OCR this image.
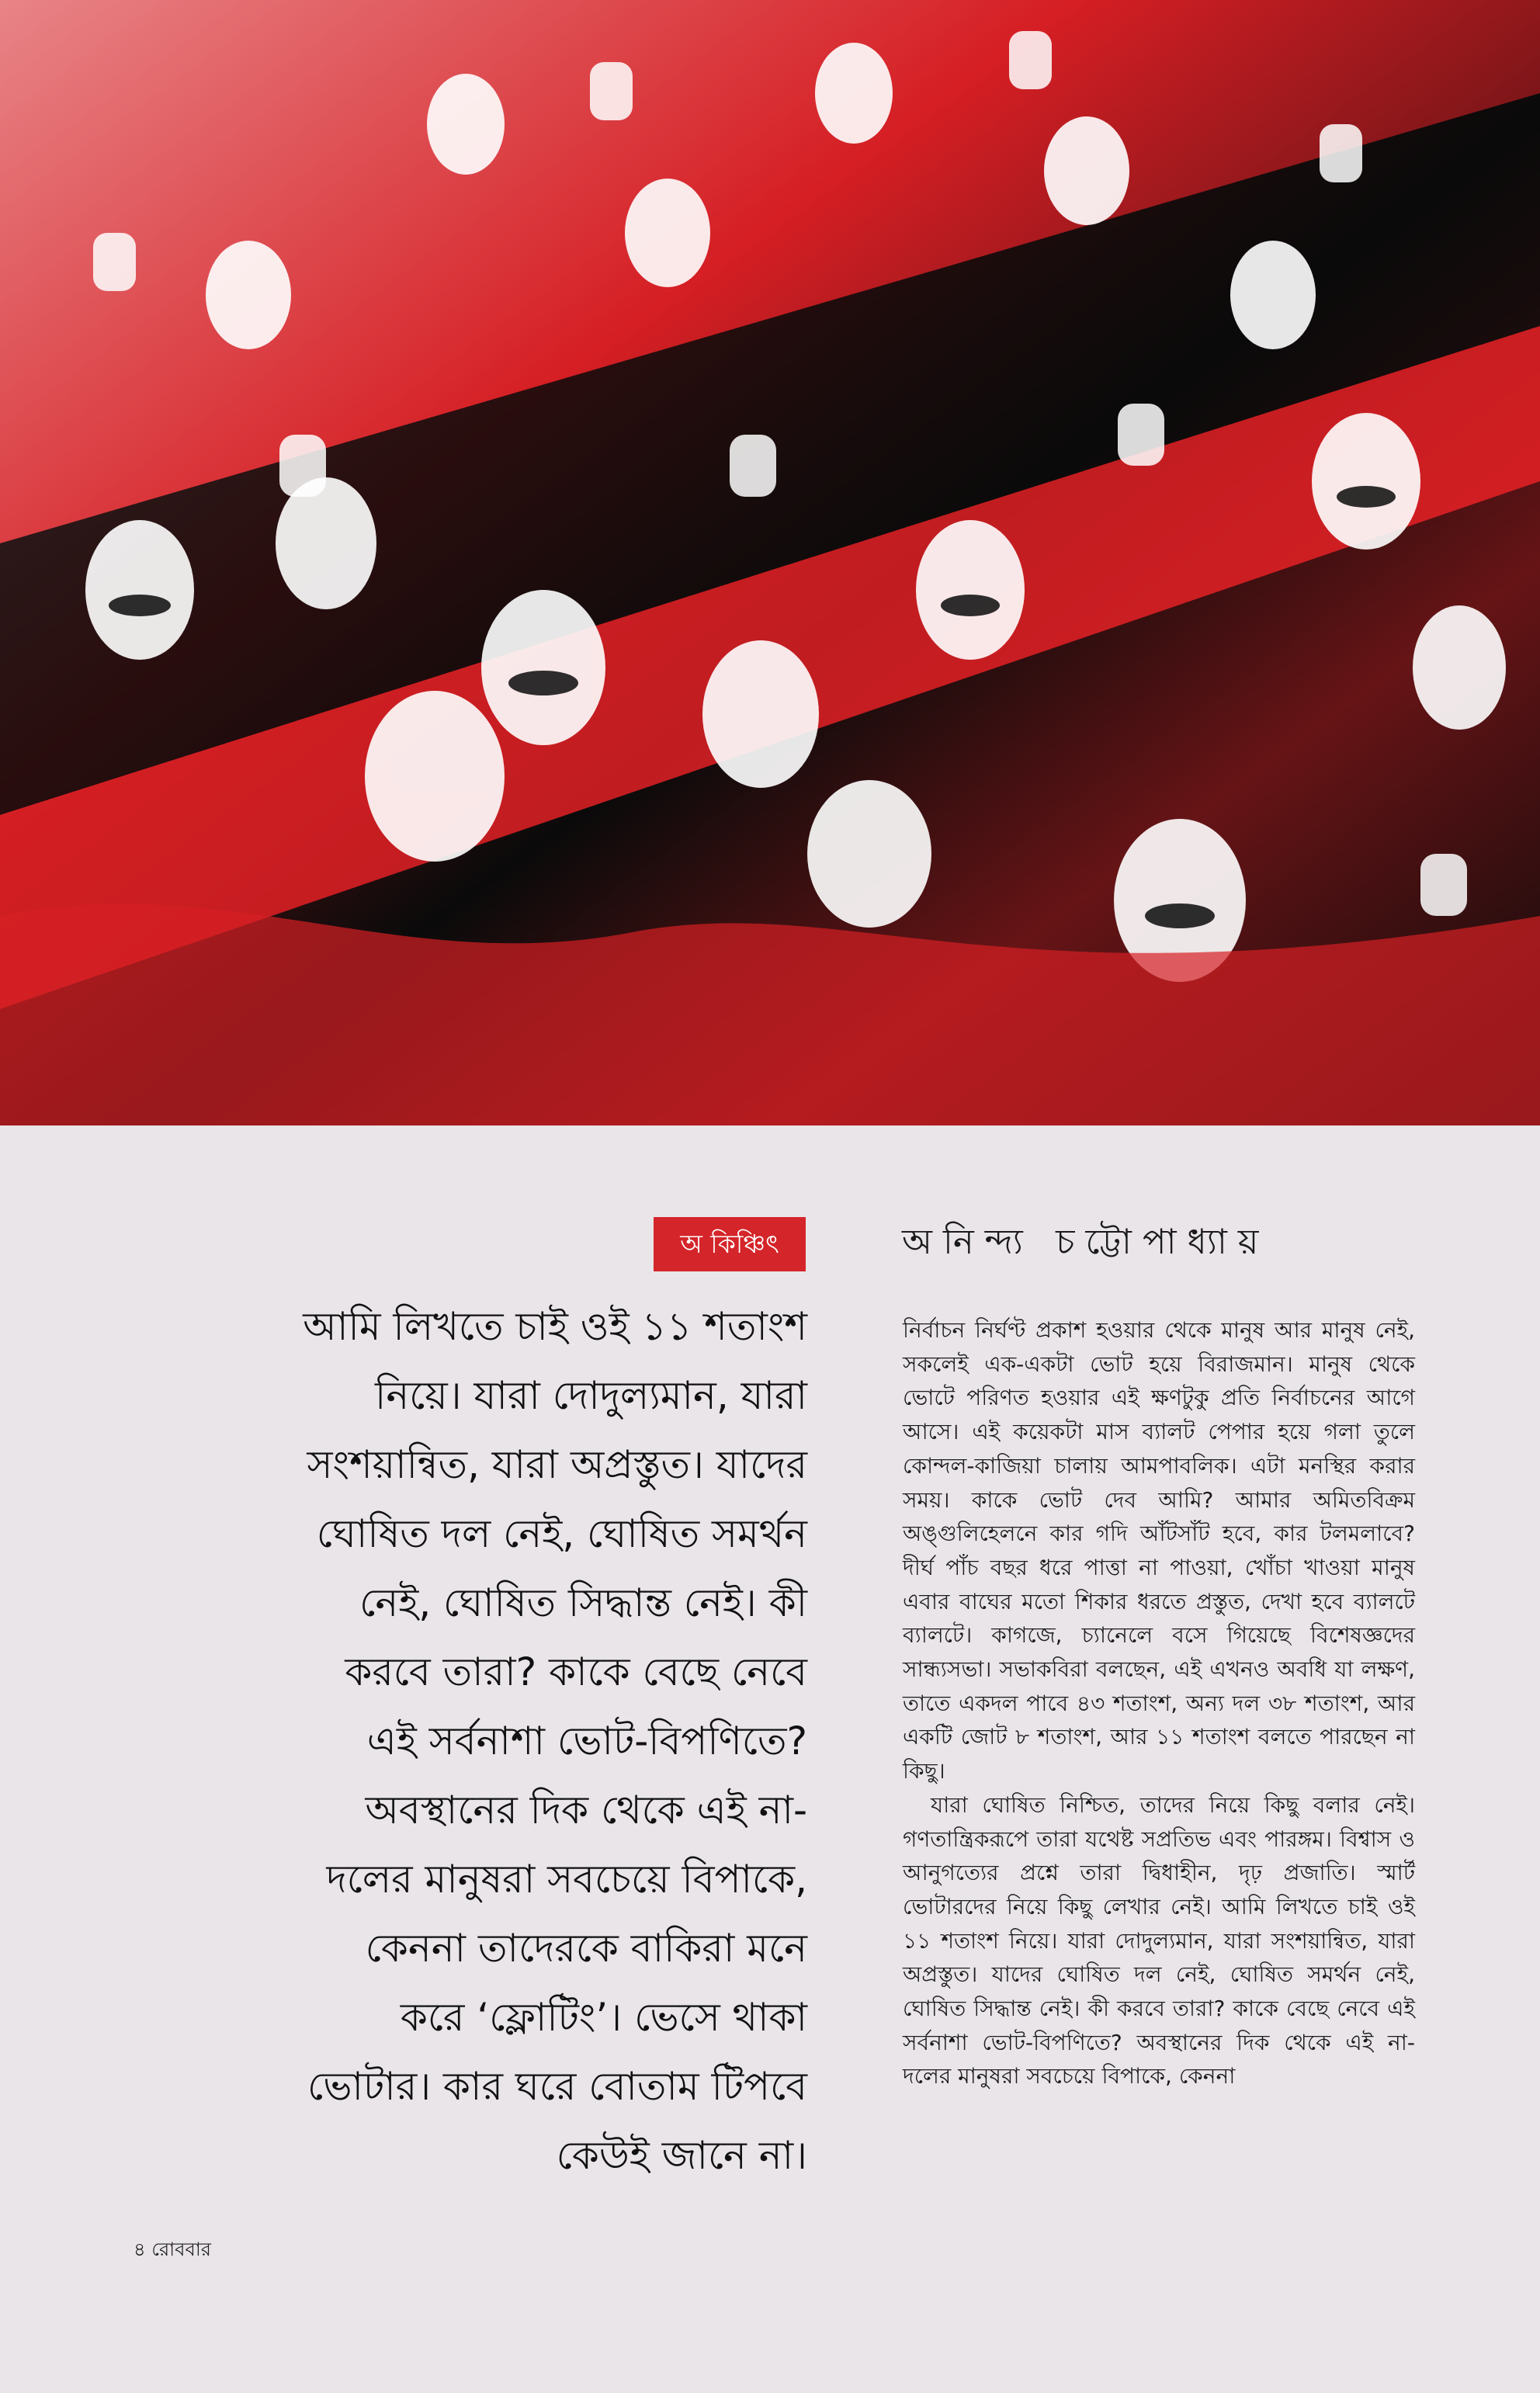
অ কিঞ্চিৎ	অনিন্দ্য চট্টোপাধ্যায়
আমি লিখতে চাই ওই ১১ শতাংশ নিয়ে। যারা দোদুল্যমান, যারা সংশয়ান্বিত, যারা অপ্রস্তুত। যাদের ঘোষিত দল নেই, ঘোষিত সমর্থন নেই, ঘোষিত সিদ্ধান্ত নেই। কী করবে তারা? কাকে বেছে নেবে এই সর্বনাশা ভোট-বিপণিতে? অবস্থানের দিক থেকে এই না-দলের মানুষরা সবচেয়ে বিপাকে, কেননা তাদেরকে বাকিরা মনে করে ‘ফ্লোটিং’। ভেসে থাকা ভোটার। কার ঘরে বোতাম টিপবে কেউই জানে না।

নির্বাচন নির্ঘণ্ট প্রকাশ হওয়ার থেকে মানুষ আর মানুষ নেই, সকলেই এক-একটা ভোট হয়ে বিরাজমান। মানুষ থেকে ভোটে পরিণত হওয়ার এই ক্ষণটুকু প্রতি নির্বাচনের আগে আসে। এই কয়েকটা মাস ব্যালট পেপার হয়ে গলা তুলে কোন্দল-কাজিয়া চালায় আমপাবলিক। এটা মনস্থির করার সময়। কাকে ভোট দেব আমি? আমার অমিতবিক্রম অঙ্গুলিহেলনে কার গদি আঁটসাঁট হবে, কার টলমলাবে? দীর্ঘ পাঁচ বছর ধরে পাত্তা না পাওয়া, খোঁচা খাওয়া মানুষ এবার বাঘের মতো শিকার ধরতে প্রস্তুত, দেখা হবে ব্যালটে ব্যালটে। কাগজে, চ্যানেলে বসে গিয়েছে বিশেষজ্ঞদের সান্ধ্যসভা। সভাকবিরা বলছেন, এই এখনও অবধি যা লক্ষণ, তাতে একদল পাবে ৪৩ শতাংশ, অন্য দল ৩৮ শতাংশ, আর একটি জোট ৮ শতাংশ, আর ১১ শতাংশ বলতে পারছেন না কিছু।

যারা ঘোষিত নিশ্চিত, তাদের নিয়ে কিছু বলার নেই। গণতান্ত্রিকরূপে তারা যথেষ্ট সপ্রতিভ এবং পারঙ্গম। বিশ্বাস ও আনুগত্যের প্রশ্নে তারা দ্বিধাহীন, দৃঢ় প্রজাতি। স্মার্ট ভোটারদের নিয়ে কিছু লেখার নেই। আমি লিখতে চাই ওই ১১ শতাংশ নিয়ে। যারা দোদুল্যমান, যারা সংশয়ান্বিত, যারা অপ্রস্তুত। যাদের ঘোষিত দল নেই, ঘোষিত সমর্থন নেই, ঘোষিত সিদ্ধান্ত নেই। কী করবে তারা? কাকে বেছে নেবে এই সর্বনাশা ভোট-বিপণিতে? অবস্থানের দিক থেকে এই না-দলের মানুষরা সবচেয়ে বিপাকে, কেননা

৪ রোববার
